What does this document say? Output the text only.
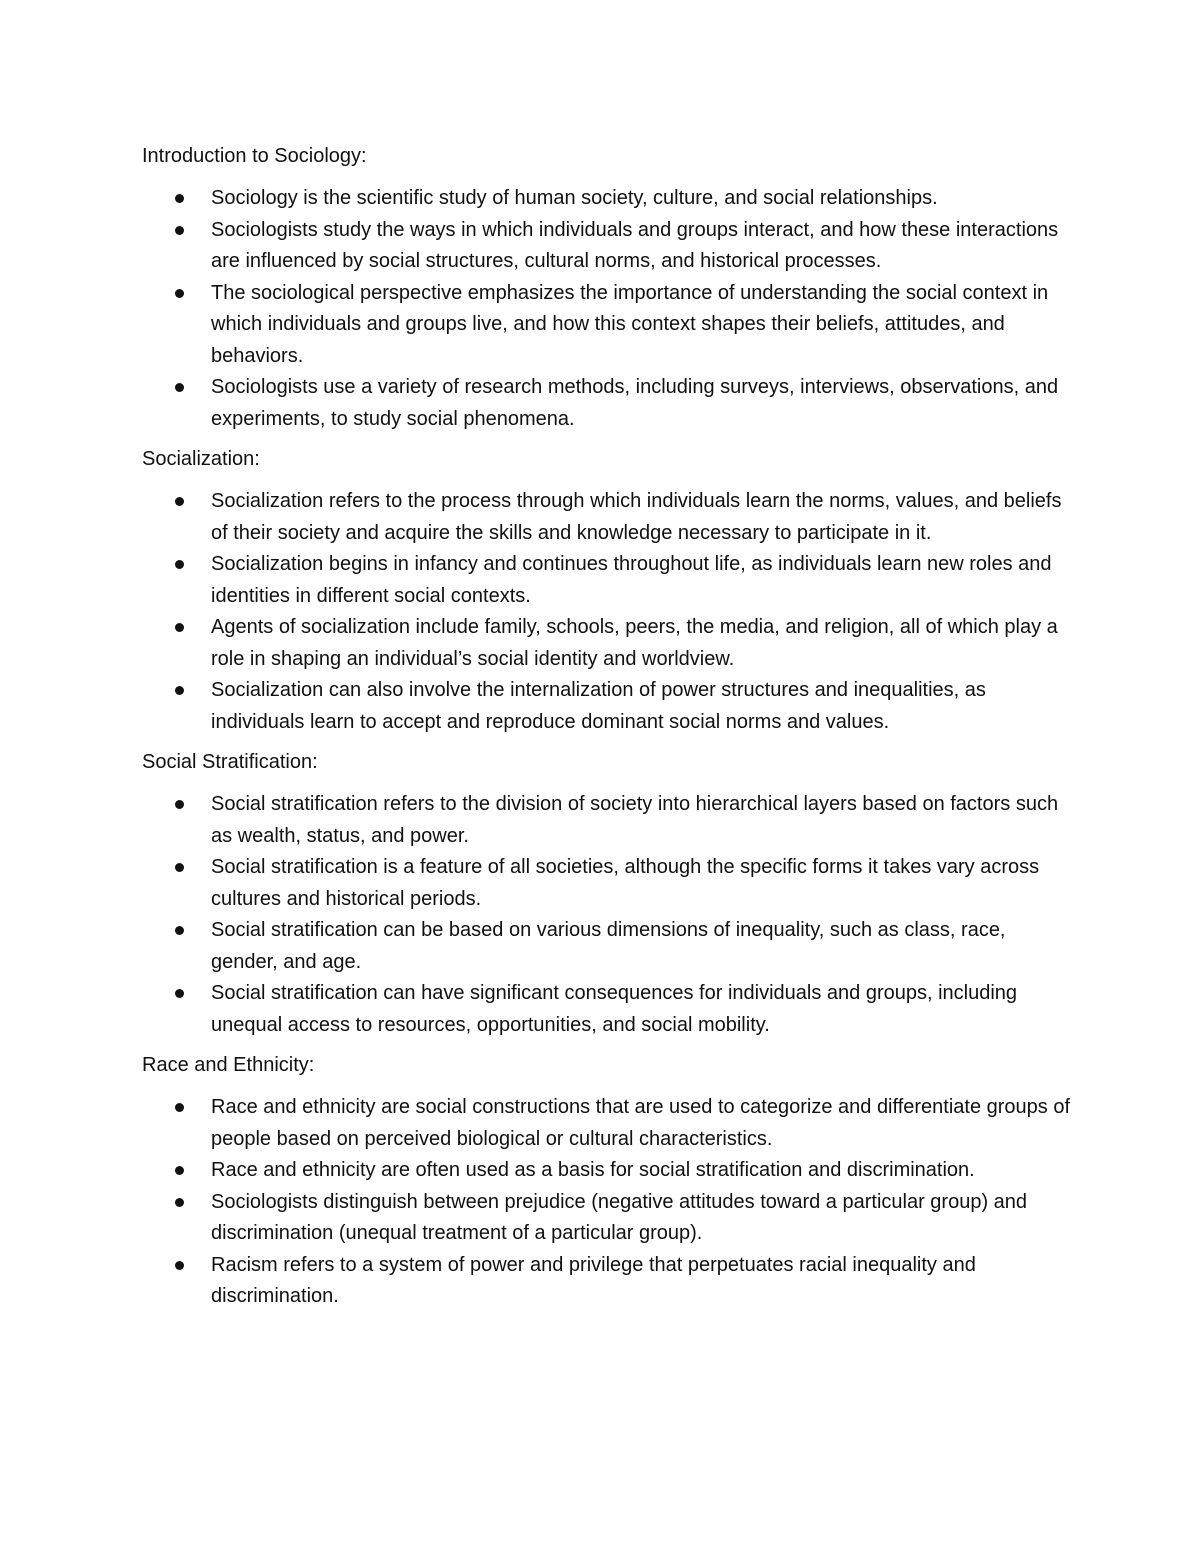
Introduction to Sociology:
Sociology is the scientific study of human society, culture, and social relationships.
Sociologists study the ways in which individuals and groups interact, and how these interactions are influenced by social structures, cultural norms, and historical processes.
The sociological perspective emphasizes the importance of understanding the social context in which individuals and groups live, and how this context shapes their beliefs, attitudes, and behaviors.
Sociologists use a variety of research methods, including surveys, interviews, observations, and experiments, to study social phenomena.
Socialization:
Socialization refers to the process through which individuals learn the norms, values, and beliefs of their society and acquire the skills and knowledge necessary to participate in it.
Socialization begins in infancy and continues throughout life, as individuals learn new roles and identities in different social contexts.
Agents of socialization include family, schools, peers, the media, and religion, all of which play a role in shaping an individual’s social identity and worldview.
Socialization can also involve the internalization of power structures and inequalities, as individuals learn to accept and reproduce dominant social norms and values.
Social Stratification:
Social stratification refers to the division of society into hierarchical layers based on factors such as wealth, status, and power.
Social stratification is a feature of all societies, although the specific forms it takes vary across cultures and historical periods.
Social stratification can be based on various dimensions of inequality, such as class, race, gender, and age.
Social stratification can have significant consequences for individuals and groups, including unequal access to resources, opportunities, and social mobility.
Race and Ethnicity:
Race and ethnicity are social constructions that are used to categorize and differentiate groups of people based on perceived biological or cultural characteristics.
Race and ethnicity are often used as a basis for social stratification and discrimination.
Sociologists distinguish between prejudice (negative attitudes toward a particular group) and discrimination (unequal treatment of a particular group).
Racism refers to a system of power and privilege that perpetuates racial inequality and discrimination.
